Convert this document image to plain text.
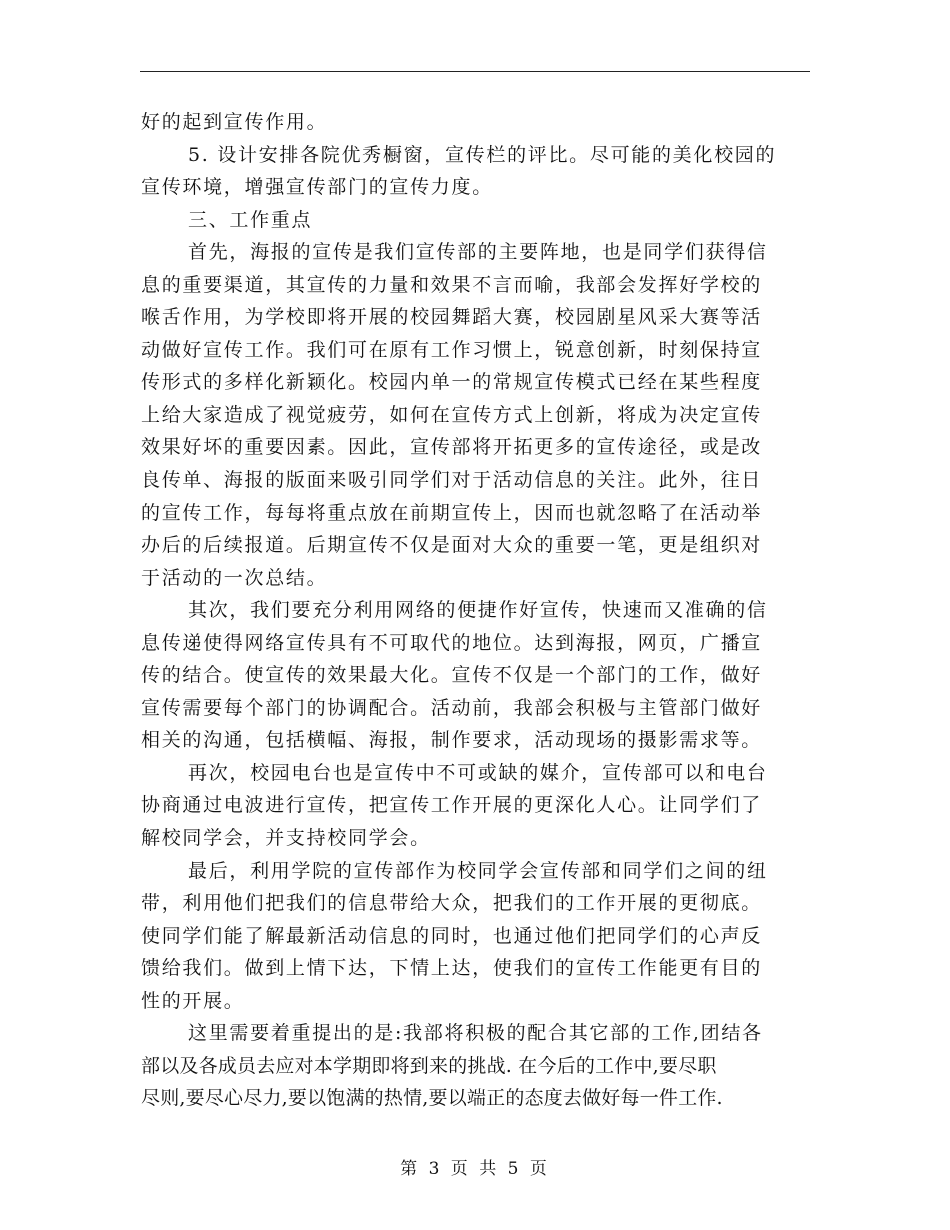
好的起到宣传作用。
5. 设计安排各院优秀橱窗，宣传栏的评比。尽可能的美化校园的
宣传环境，增强宣传部门的宣传力度。
三、工作重点
首先，海报的宣传是我们宣传部的主要阵地，也是同学们获得信
息的重要渠道，其宣传的力量和效果不言而喻，我部会发挥好学校的
喉舌作用，为学校即将开展的校园舞蹈大赛，校园剧星风采大赛等活
动做好宣传工作。我们可在原有工作习惯上，锐意创新，时刻保持宣
传形式的多样化新颖化。校园内单一的常规宣传模式已经在某些程度
上给大家造成了视觉疲劳，如何在宣传方式上创新，将成为决定宣传
效果好坏的重要因素。因此，宣传部将开拓更多的宣传途径，或是改
良传单、海报的版面来吸引同学们对于活动信息的关注。此外，往日
的宣传工作，每每将重点放在前期宣传上，因而也就忽略了在活动举
办后的后续报道。后期宣传不仅是面对大众的重要一笔，更是组织对
于活动的一次总结。
其次，我们要充分利用网络的便捷作好宣传，快速而又准确的信
息传递使得网络宣传具有不可取代的地位。达到海报，网页，广播宣
传的结合。使宣传的效果最大化。宣传不仅是一个部门的工作，做好
宣传需要每个部门的协调配合。活动前，我部会积极与主管部门做好
相关的沟通，包括横幅、海报，制作要求，活动现场的摄影需求等。
再次，校园电台也是宣传中不可或缺的媒介，宣传部可以和电台
协商通过电波进行宣传，把宣传工作开展的更深化人心。让同学们了
解校同学会，并支持校同学会。
最后，利用学院的宣传部作为校同学会宣传部和同学们之间的纽
带，利用他们把我们的信息带给大众，把我们的工作开展的更彻底。
使同学们能了解最新活动信息的同时，也通过他们把同学们的心声反
馈给我们。做到上情下达，下情上达，使我们的宣传工作能更有目的
性的开展。
这里需要着重提出的是:我部将积极的配合其它部的工作,团结各
部以及各成员去应对本学期即将到来的挑战. 在今后的工作中,要尽职
尽则,要尽心尽力,要以饱满的热情,要以端正的态度去做好每一件工作.
第 3 页 共 5 页
